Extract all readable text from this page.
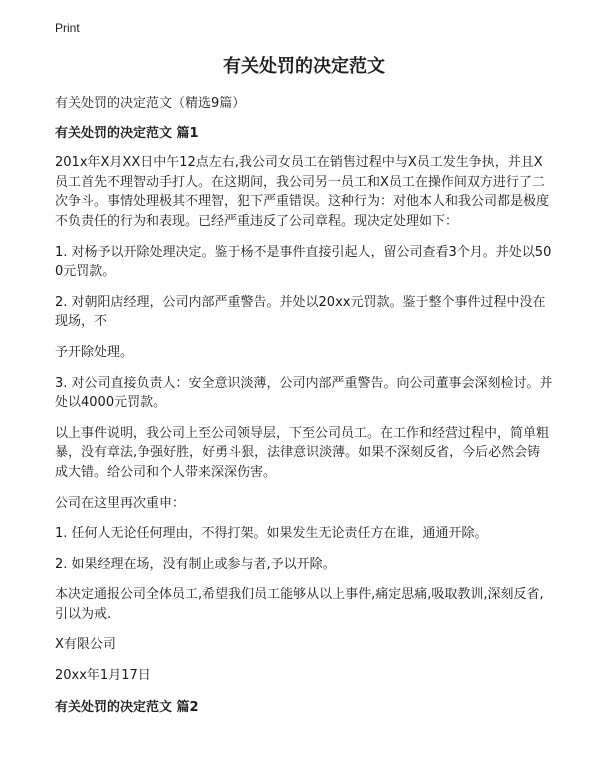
Print
有关处罚的决定范文

有关处罚的决定范文（精选9篇）

有关处罚的决定范文 篇1

201x年X月XX日中午12点左右,我公司女员工在销售过程中与X员工发生争执，并且X员工首先不理智动手打人。在这期间，我公司另一员工和X员工在操作间双方进行了二次争斗。事情处理极其不理智，犯下严重错误。这种行为：对他本人和我公司都是极度不负责任的行为和表现。已经严重违反了公司章程。现决定处理如下：

1. 对杨予以开除处理决定。鉴于杨不是事件直接引起人，留公司查看3个月。并处以500元罚款。

2. 对朝阳店经理，公司内部严重警告。并处以20xx元罚款。鉴于整个事件过程中没在现场，不

予开除处理。

3. 对公司直接负责人：安全意识淡薄，公司内部严重警告。向公司董事会深刻检讨。并处以4000元罚款。

以上事件说明，我公司上至公司领导层，下至公司员工。在工作和经营过程中，简单粗暴，没有章法,争强好胜，好勇斗狠，法律意识淡薄。如果不深刻反省，今后必然会铸成大错。给公司和个人带来深深伤害。

公司在这里再次重申：

1. 任何人无论任何理由，不得打架。如果发生无论责任方在谁，通通开除。

2. 如果经理在场，没有制止或参与者,予以开除。

本决定通报公司全体员工,希望我们员工能够从以上事件,痛定思痛,吸取教训,深刻反省,引以为戒.

X有限公司

20xx年1月17日

有关处罚的决定范文 篇2
